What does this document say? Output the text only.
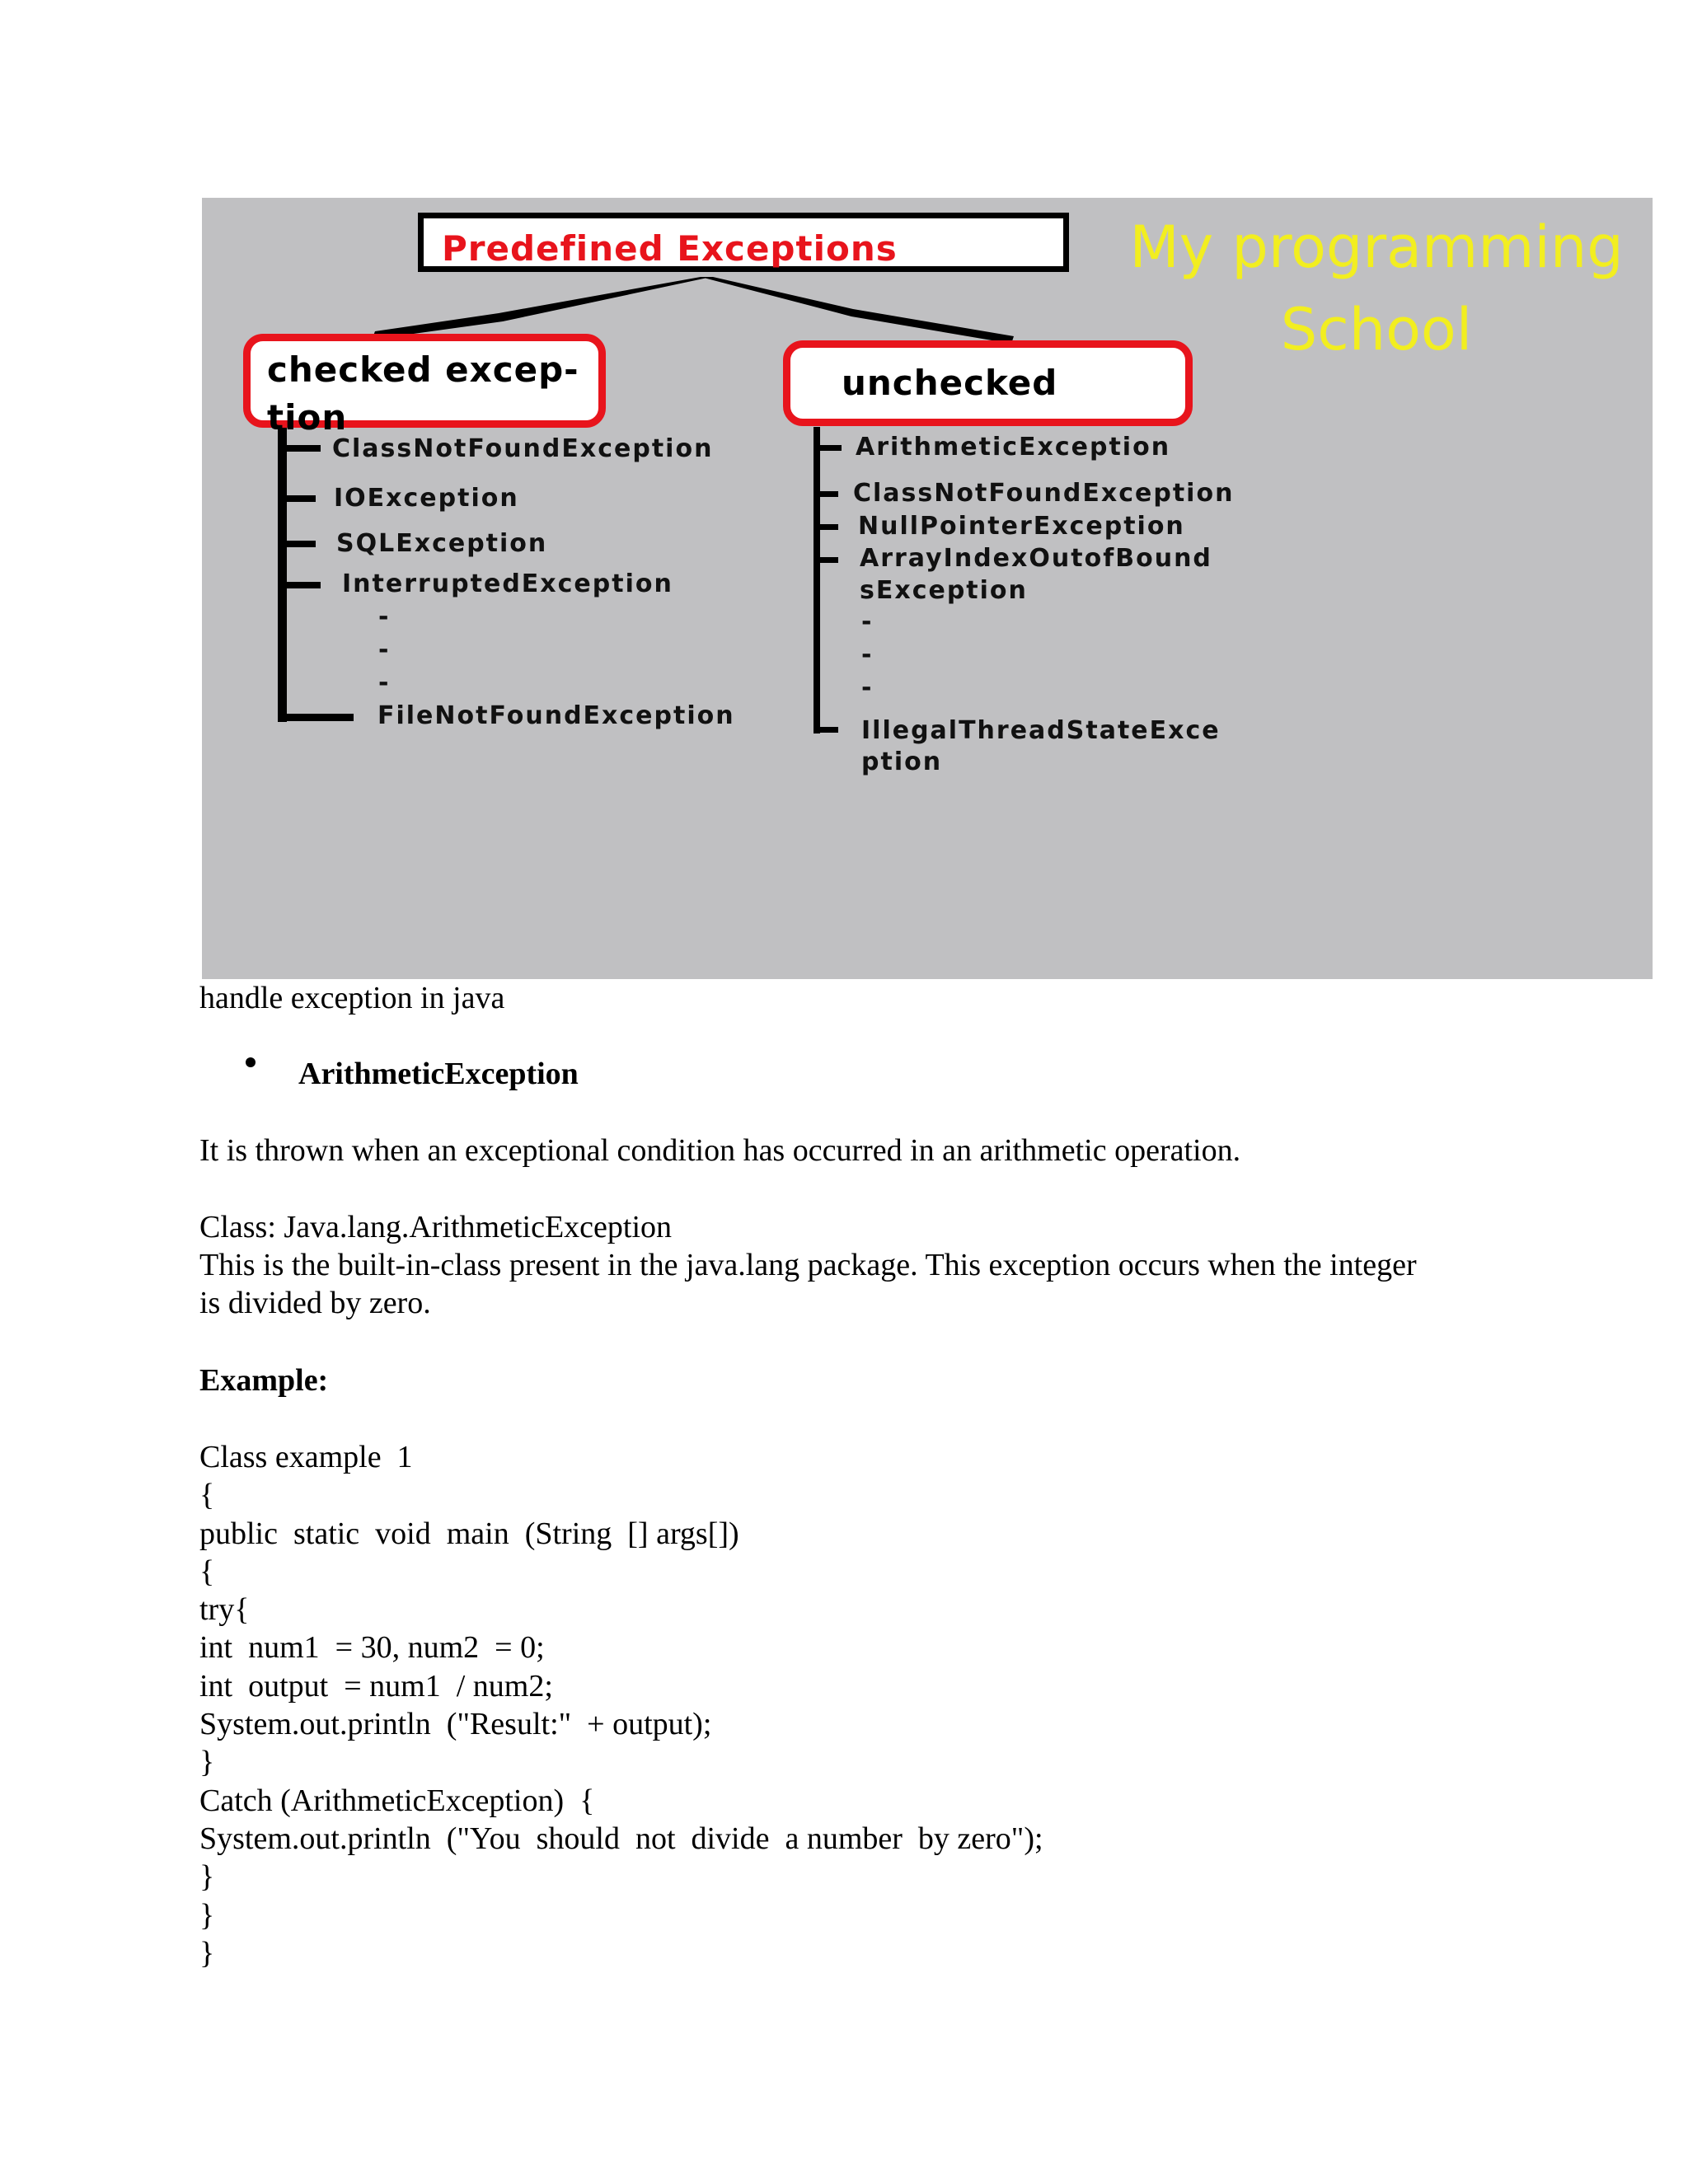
Predefined Exceptions	My programming
School
checked excep-
tion
unchecked
ClassNotFoundException
IOException
SQLException
InterruptedException
-
-
-
FileNotFoundException
ArithmeticException
ClassNotFoundException
NullPointerException
ArrayIndexOutofBound
sException
-
-
-
IllegalThreadStateExce
ption
handle exception in java
ArithmeticException
It is thrown when an exceptional condition has occurred in an arithmetic operation.
Class: Java.lang.ArithmeticException
This is the built-in-class present in the java.lang package. This exception occurs when the integer
is divided by zero.
Example:
Class example  1
{
public  static  void  main  (String  [] args[])
{
try{
int  num1  = 30, num2  = 0;
int  output  = num1  / num2;
System.out.println  ("Result:"  + output);
}
Catch (ArithmeticException)  {
System.out.println  ("You  should  not  divide  a number  by zero");
}
}
}
